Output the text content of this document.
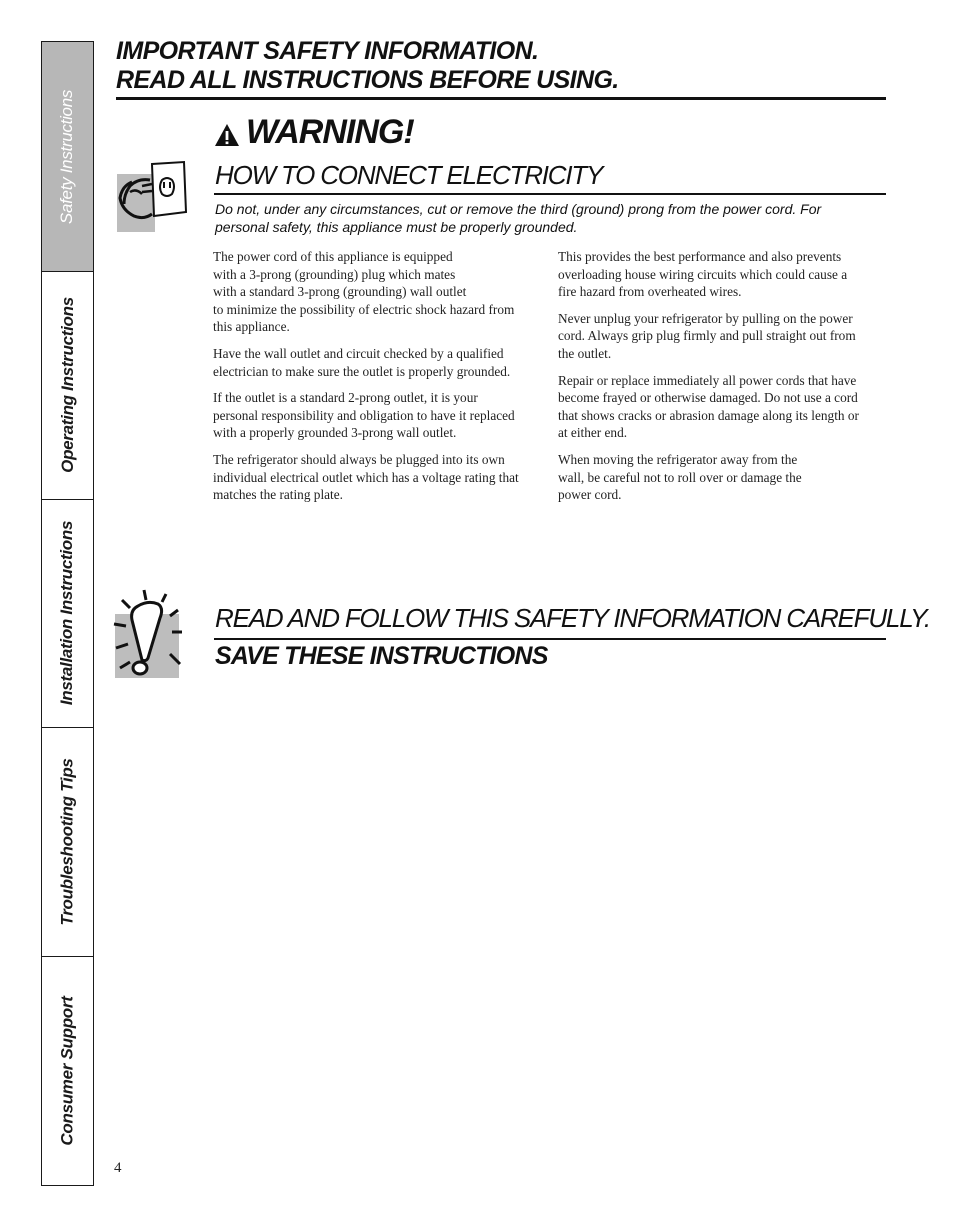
Safety Instructions
Operating Instructions
Installation Instructions
Troubleshooting Tips
Consumer Support
IMPORTANT SAFETY INFORMATION.
READ ALL INSTRUCTIONS BEFORE USING.
WARNING!
HOW TO CONNECT ELECTRICITY

Do not, under any circumstances, cut or remove the third (ground) prong from the power cord. For
personal safety, this appliance must be properly grounded.

The power cord of this appliance is equipped
with a 3-prong (grounding) plug which mates
with a standard 3-prong (grounding) wall outlet
to minimize the possibility of electric shock hazard from
this appliance.

Have the wall outlet and circuit checked by a qualified
electrician to make sure the outlet is properly grounded.

If the outlet is a standard 2-prong outlet, it is your
personal responsibility and obligation to have it replaced
with a properly grounded 3-prong wall outlet.

The refrigerator should always be plugged into its own
individual electrical outlet which has a voltage rating that
matches the rating plate.

This provides the best performance and also prevents
overloading house wiring circuits which could cause a
fire hazard from overheated wires.

Never unplug your refrigerator by pulling on the power
cord. Always grip plug firmly and pull straight out from
the outlet.

Repair or replace immediately all power cords that have
become frayed or otherwise damaged. Do not use a cord
that shows cracks or abrasion damage along its length or
at either end.

When moving the refrigerator away from the
wall, be careful not to roll over or damage the
power cord.

READ AND FOLLOW THIS SAFETY INFORMATION CAREFULLY.
SAVE THESE INSTRUCTIONS
4
